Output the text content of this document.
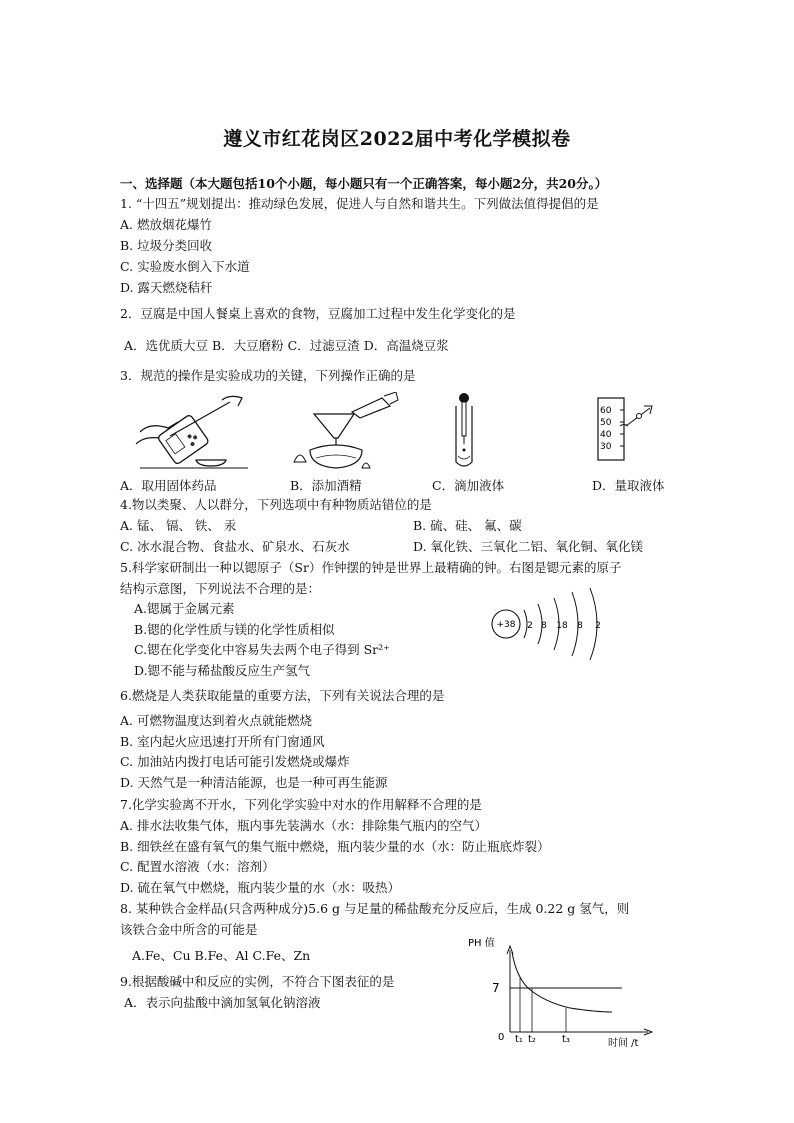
遵义市红花岗区2022届中考化学模拟卷
一、选择题（本大题包括10个小题，每小题只有一个正确答案，每小题2分，共20分。）
1. “十四五”规划提出：推动绿色发展，促进人与自然和谐共生。下列做法值得提倡的是
A. 燃放烟花爆竹
B. 垃圾分类回收
C. 实验废水倒入下水道
D. 露天燃烧秸秆
2．豆腐是中国人餐桌上喜欢的食物，豆腐加工过程中发生化学变化的是
A．选优质大豆 B．大豆磨粉 C．过滤豆渣 D．高温烧豆浆
3．规范的操作是实验成功的关键，下列操作正确的是
60
50
40
30
A．取用固体药品	B．添加酒精	C．滴加液体	D．量取液体
4.物以类聚、人以群分，下列选项中有种物质站错位的是
A. 锰、 镉、 铁、 汞	B. 硫、硅、 氟、碳
C. 冰水混合物、食盐水、矿泉水、石灰水	D. 氧化铁、三氧化二铝、氧化铜、氧化镁
5.科学家研制出一种以锶原子（Sr）作钟摆的钟是世界上最精确的钟。右图是锶元素的原子
结构示意图，下列说法不合理的是：
A.锶属于金属元素
B.锶的化学性质与镁的化学性质相似
C.锶在化学变化中容易失去两个电子得到 Sr²⁺
D.锶不能与稀盐酸反应生产氢气
+38 2 8 18 8 2
6.燃烧是人类获取能量的重要方法，下列有关说法合理的是
A. 可燃物温度达到着火点就能燃烧
B. 室内起火应迅速打开所有门窗通风
C. 加油站内拨打电话可能引发燃烧或爆炸
D. 天然气是一种清洁能源，也是一种可再生能源
7.化学实验离不开水，下列化学实验中对水的作用解释不合理的是
A. 排水法收集气体，瓶内事先装满水（水：排除集气瓶内的空气）
B. 细铁丝在盛有氧气的集气瓶中燃烧，瓶内装少量的水（水：防止瓶底炸裂）
C. 配置水溶液（水：溶剂）
D. 硫在氧气中燃烧，瓶内装少量的水（水：吸热）
8. 某种铁合金样品(只含两种成分)5.6 g 与足量的稀盐酸充分反应后，生成 0.22 g 氢气，则
该铁合金中所含的可能是
A.Fe、Cu B.Fe、Al C.Fe、Zn
9.根据酸碱中和反应的实例，不符合下图表征的是
A．表示向盐酸中滴加氢氧化钠溶液
PH 值
7
0 t₁ t₂	t₃	时间 /t
